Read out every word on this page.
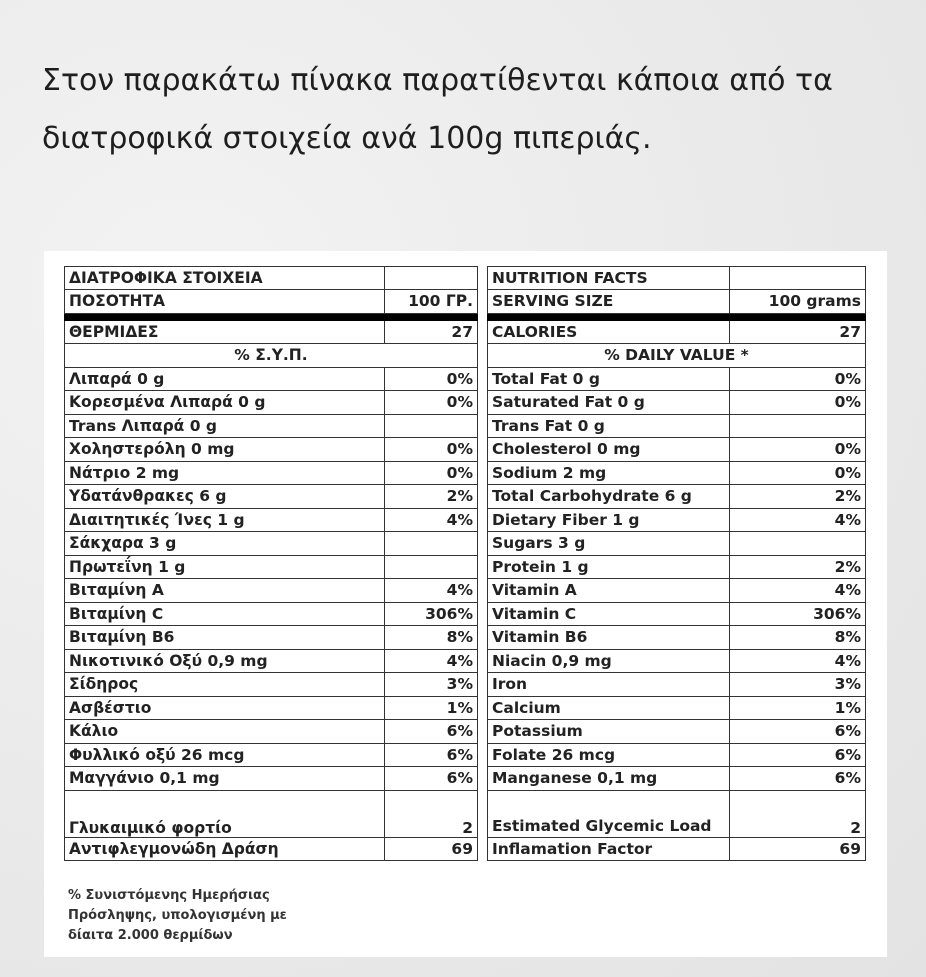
Στον παρακάτω πίνακα παρατίθενται κάποια από τα
διατροφικά στοιχεία ανά 100g πιπεριάς.
ΔΙΑΤΡΟΦΙΚΑ ΣΤΟΙΧΕΙΑ			NUTRITION FACTS	
ΠΟΣΟΤΗΤΑ	100 ΓΡ.		SERVING SIZE	100 grams

ΘΕΡΜΙΔΕΣ	27		CALORIES	27
% Σ.Υ.Π.			% DAILY VALUE *	
Λιπαρά 0 g	0%		Total Fat 0 g	0%
Κορεσμένα Λιπαρά 0 g	0%		Saturated Fat 0 g	0%
Trans Λιπαρά 0 g			Trans Fat 0 g	
Χοληστερόλη 0 mg	0%		Cholesterol 0 mg	0%
Νάτριο 2 mg	0%		Sodium 2 mg	0%
Υδατάνθρακες 6 g	2%		Total Carbohydrate 6 g	2%
Διαιτητικές Ίνες 1 g	4%		Dietary Fiber 1 g	4%
Σάκχαρα 3 g			Sugars 3 g	
Πρωτεΐνη 1 g			Protein 1 g	2%
Βιταμίνη A	4%		Vitamin A	4%
Βιταμίνη C	306%		Vitamin C	306%
Βιταμίνη B6	8%		Vitamin B6	8%
Νικοτινικό Οξύ 0,9 mg	4%		Niacin 0,9 mg	4%
Σίδηρος	3%		Iron	3%
Ασβέστιο	1%		Calcium	1%
Κάλιο	6%		Potassium	6%
Φυλλικό οξύ 26 mcg	6%		Folate 26 mcg	6%
Μαγγάνιο 0,1 mg	6%		Manganese 0,1 mg	6%
Γλυκαιμικό φορτίο	2		Estimated Glycemic Load	2
Αντιφλεγμονώδη Δράση	69		Inflamation Factor	69
% Συνιστόμενης Ημερήσιας
Πρόσληψης, υπολογισμένη με
δίαιτα 2.000 θερμίδων
